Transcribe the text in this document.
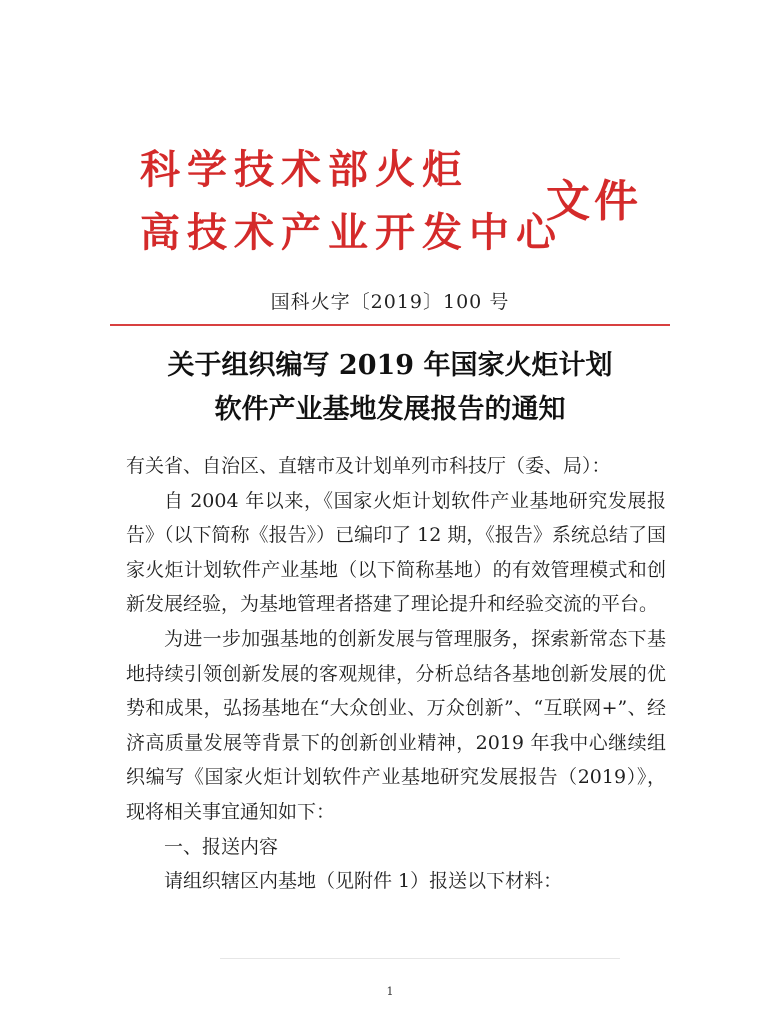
科学技术部火炬
高技术产业开发中心
文件
国科火字〔2019〕100 号
关于组织编写 2019 年国家火炬计划
软件产业基地发展报告的通知

有关省、自治区、直辖市及计划单列市科技厅（委、局）：

自 2004 年以来，《国家火炬计划软件产业基地研究发展报告》（以下简称《报告》）已编印了 12 期，《报告》系统总结了国家火炬计划软件产业基地（以下简称基地）的有效管理模式和创新发展经验，为基地管理者搭建了理论提升和经验交流的平台。

为进一步加强基地的创新发展与管理服务，探索新常态下基地持续引领创新发展的客观规律，分析总结各基地创新发展的优势和成果，弘扬基地在“大众创业、万众创新”、“互联网+”、经济高质量发展等背景下的创新创业精神，2019 年我中心继续组织编写《国家火炬计划软件产业基地研究发展报告（2019）》，现将相关事宜通知如下：

一、报送内容

请组织辖区内基地（见附件 1）报送以下材料：

1
